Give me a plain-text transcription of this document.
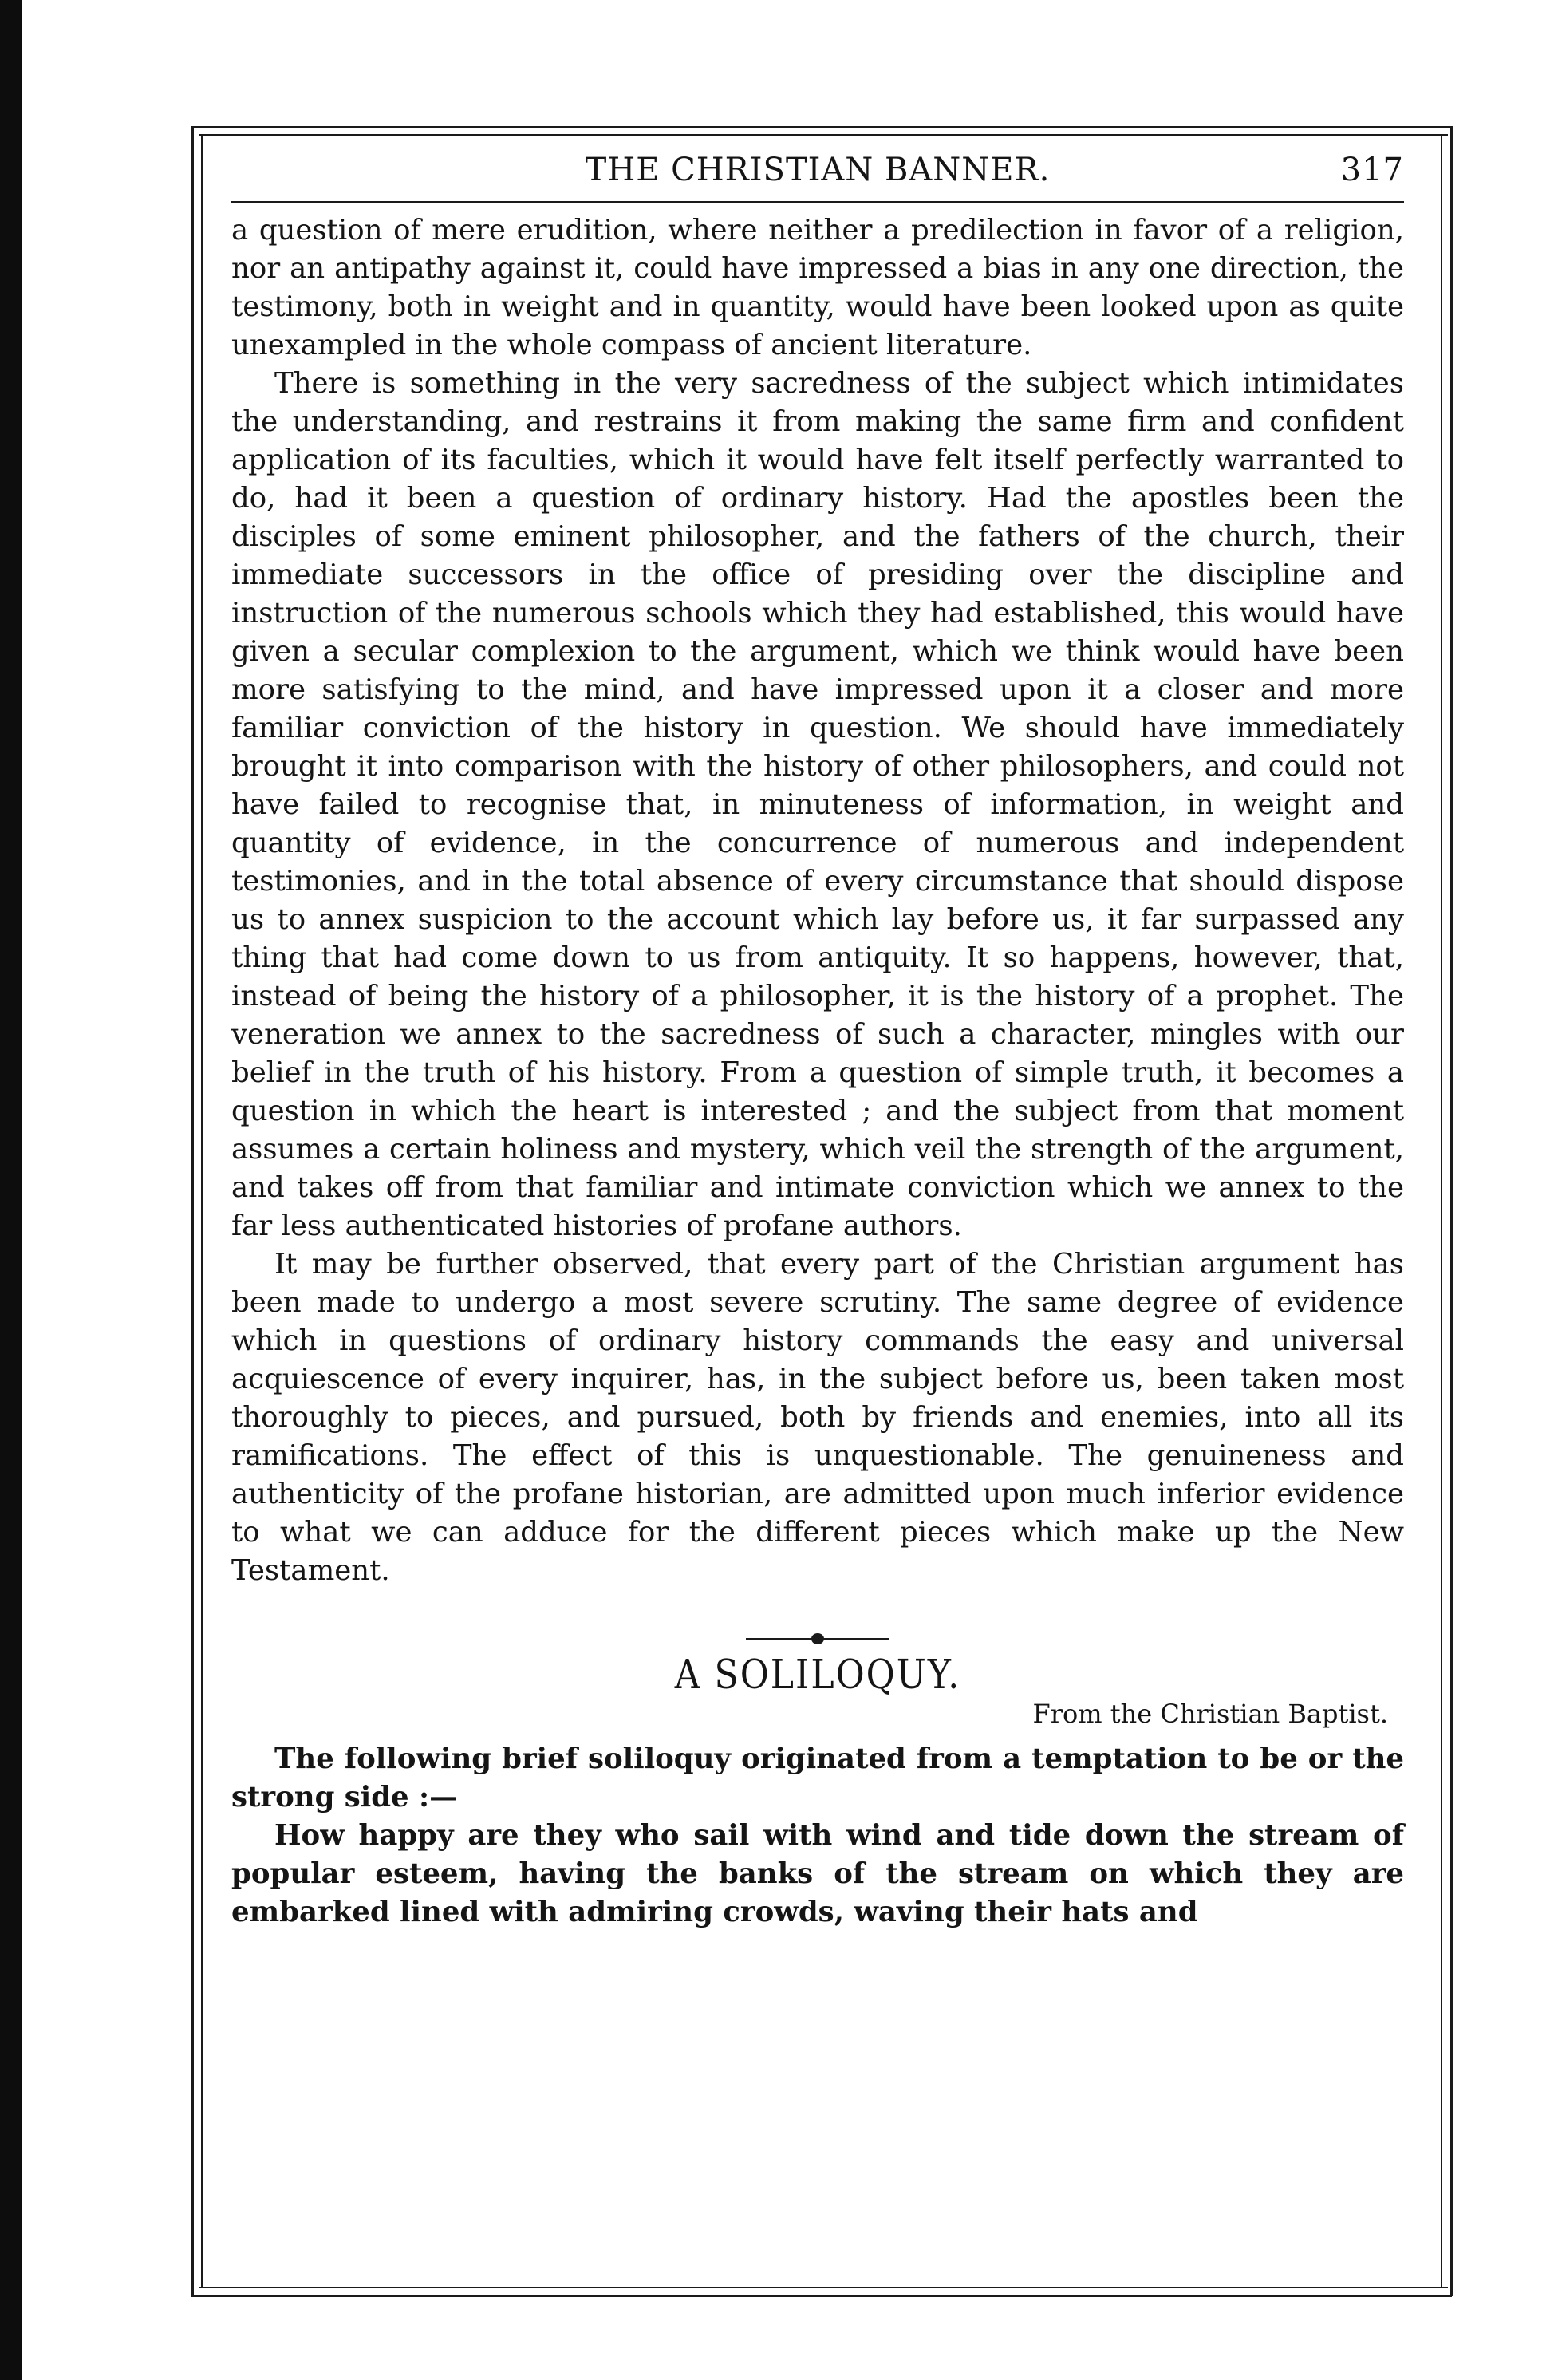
THE CHRISTIAN BANNER.	317

a question of mere erudition, where neither a predilection in favor of a religion, nor an antipathy against it, could have impressed a bias in any one direction, the testimony, both in weight and in quantity, would have been looked upon as quite unexampled in the whole compass of ancient literature.

There is something in the very sacredness of the subject which intimidates the understanding, and restrains it from making the same firm and confident application of its faculties, which it would have felt itself perfectly warranted to do, had it been a question of ordinary history. Had the apostles been the disciples of some eminent philosopher, and the fathers of the church, their immediate successors in the office of presiding over the discipline and instruction of the numerous schools which they had established, this would have given a secular complexion to the argument, which we think would have been more satisfying to the mind, and have impressed upon it a closer and more familiar conviction of the history in question. We should have immediately brought it into comparison with the history of other philosophers, and could not have failed to recognise that, in minuteness of information, in weight and quantity of evidence, in the concurrence of numerous and independent testimonies, and in the total absence of every circumstance that should dispose us to annex suspicion to the account which lay before us, it far surpassed any thing that had come down to us from antiquity. It so happens, however, that, instead of being the history of a philosopher, it is the history of a prophet. The veneration we annex to the sacredness of such a character, mingles with our belief in the truth of his history. From a question of simple truth, it becomes a question in which the heart is interested ; and the subject from that moment assumes a certain holiness and mystery, which veil the strength of the argument, and takes off from that familiar and intimate conviction which we annex to the far less authenticated histories of profane authors.

It may be further observed, that every part of the Christian argument has been made to undergo a most severe scrutiny. The same degree of evidence which in questions of ordinary history commands the easy and universal acquiescence of every inquirer, has, in the subject before us, been taken most thoroughly to pieces, and pursued, both by friends and enemies, into all its ramifications. The effect of this is unquestionable. The genuineness and authenticity of the profane historian, are admitted upon much inferior evidence to what we can adduce for the different pieces which make up the New Testament.

A SOLILOQUY.
From the Christian Baptist.

The following brief soliloquy originated from a temptation to be or the strong side :—

How happy are they who sail with wind and tide down the stream of popular esteem, having the banks of the stream on which they are embarked lined with admiring crowds, waving their hats and
